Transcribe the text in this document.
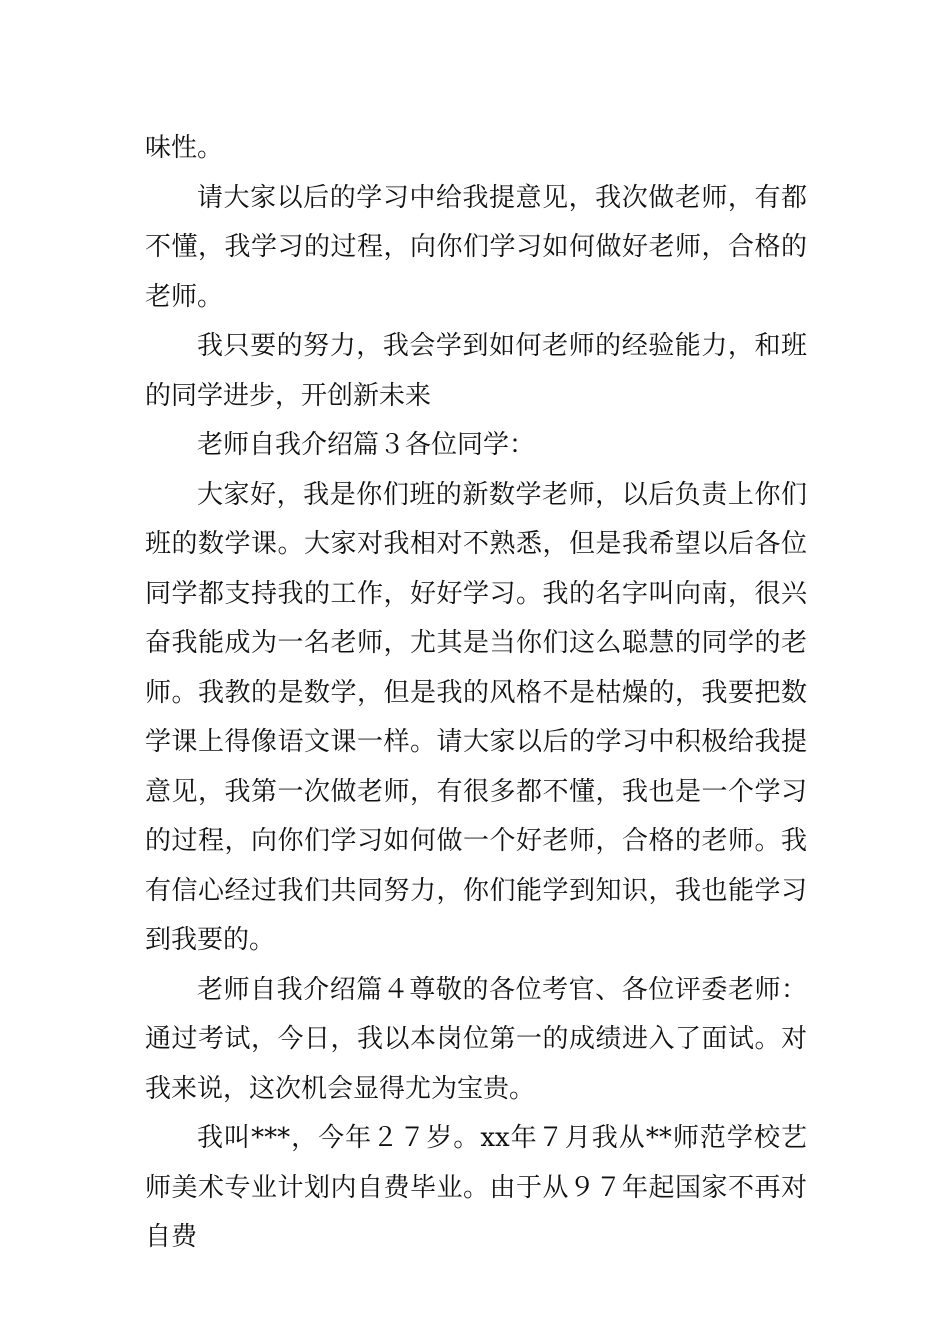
味性。

请大家以后的学习中给我提意见，我次做老师，有都不懂，我学习的过程，向你们学习如何做好老师，合格的老师。

我只要的努力，我会学到如何老师的经验能力，和班的同学进步，开创新未来

老师自我介绍篇３各位同学：

大家好，我是你们班的新数学老师，以后负责上你们班的数学课。大家对我相对不熟悉，但是我希望以后各位同学都支持我的工作，好好学习。我的名字叫向南，很兴奋我能成为一名老师，尤其是当你们这么聪慧的同学的老师。我教的是数学，但是我的风格不是枯燥的，我要把数学课上得像语文课一样。请大家以后的学习中积极给我提意见，我第一次做老师，有很多都不懂，我也是一个学习的过程，向你们学习如何做一个好老师，合格的老师。我有信心经过我们共同努力，你们能学到知识，我也能学习到我要的。

老师自我介绍篇４尊敬的各位考官、各位评委老师：通过考试，今日，我以本岗位第一的成绩进入了面试。对我来说，这次机会显得尤为宝贵。

我叫***，今年２７岁。xx年７月我从**师范学校艺师美术专业计划内自费毕业。由于从９７年起国家不再对自费
